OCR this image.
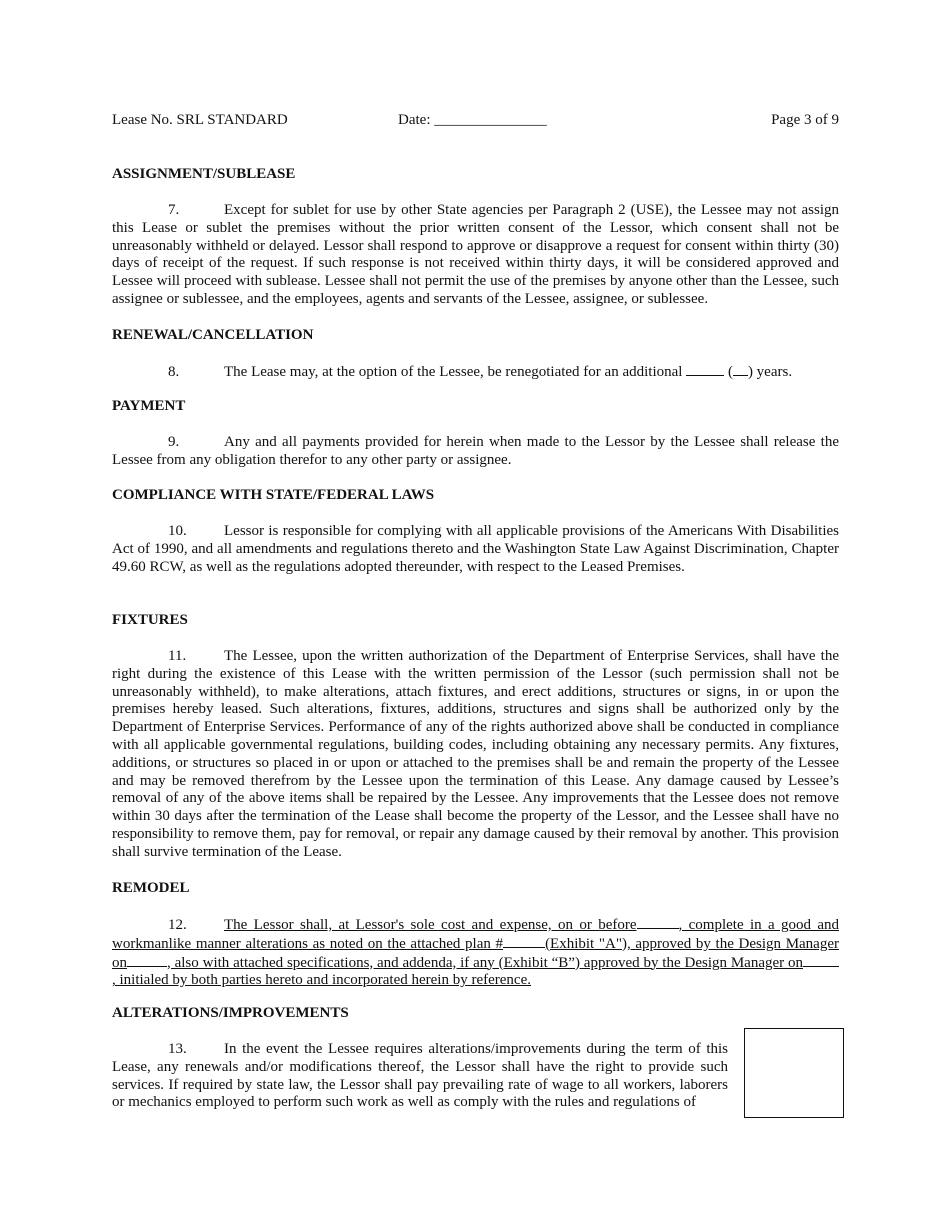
Lease No. SRL STANDARD	Date: _______________	Page 3 of 9
ASSIGNMENT/SUBLEASE
7.	Except for sublet for use by other State agencies per Paragraph 2 (USE), the Lessee may not assign this Lease or sublet the premises without the prior written consent of the Lessor, which consent shall not be unreasonably withheld or delayed. Lessor shall respond to approve or disapprove a request for consent within thirty (30) days of receipt of the request. If such response is not received within thirty days, it will be considered approved and Lessee will proceed with sublease. Lessee shall not permit the use of the premises by anyone other than the Lessee, such assignee or sublessee, and the employees, agents and servants of the Lessee, assignee, or sublessee.
RENEWAL/CANCELLATION
8.	The Lease may, at the option of the Lessee, be renegotiated for an additional	( ) years.
PAYMENT
9.	Any and all payments provided for herein when made to the Lessor by the Lessee shall release the Lessee from any obligation therefor to any other party or assignee.
COMPLIANCE WITH STATE/FEDERAL LAWS
10. Lessor is responsible for complying with all applicable provisions of the Americans With Disabilities Act of 1990, and all amendments and regulations thereto and the Washington State Law Against Discrimination, Chapter 49.60 RCW, as well as the regulations adopted thereunder, with respect to the Leased Premises.
FIXTURES
11.	The Lessee, upon the written authorization of the Department of Enterprise Services, shall have the right during the existence of this Lease with the written permission of the Lessor (such permission shall not be unreasonably withheld), to make alterations, attach fixtures, and erect additions, structures or signs, in or upon the premises hereby leased. Such alterations, fixtures, additions, structures and signs shall be authorized only by the Department of Enterprise Services. Performance of any of the rights authorized above shall be conducted in compliance with all applicable governmental regulations, building codes, including obtaining any necessary permits. Any fixtures, additions, or structures so placed in or upon or attached to the premises shall be and remain the property of the Lessee and may be removed therefrom by the Lessee upon the termination of this Lease. Any damage caused by Lessee’s removal of any of the above items shall be repaired by the Lessee. Any improvements that the Lessee does not remove within 30 days after the termination of the Lease shall become the property of the Lessor, and the Lessee shall have no responsibility to remove them, pay for removal, or repair any damage caused by their removal by another. This provision shall survive termination of the Lease.
REMODEL
12. The Lessor shall, at Lessor's sole cost and expense, on or before	, complete in a good and workmanlike manner alterations as noted on the attached plan #	(Exhibit "A"), approved by the Design Manager on	, also with attached specifications, and addenda, if any (Exhibit “B”) approved by the Design Manager on, initialed by both parties hereto and incorporated herein by reference.
ALTERATIONS/IMPROVEMENTS
13. In the event the Lessee requires alterations/improvements during the term of this Lease, any renewals and/or modifications thereof, the Lessor shall have the right to provide such services. If required by state law, the Lessor shall pay prevailing rate of wage to all workers, laborers or mechanics employed to perform such work as well as comply with the rules and regulations of
